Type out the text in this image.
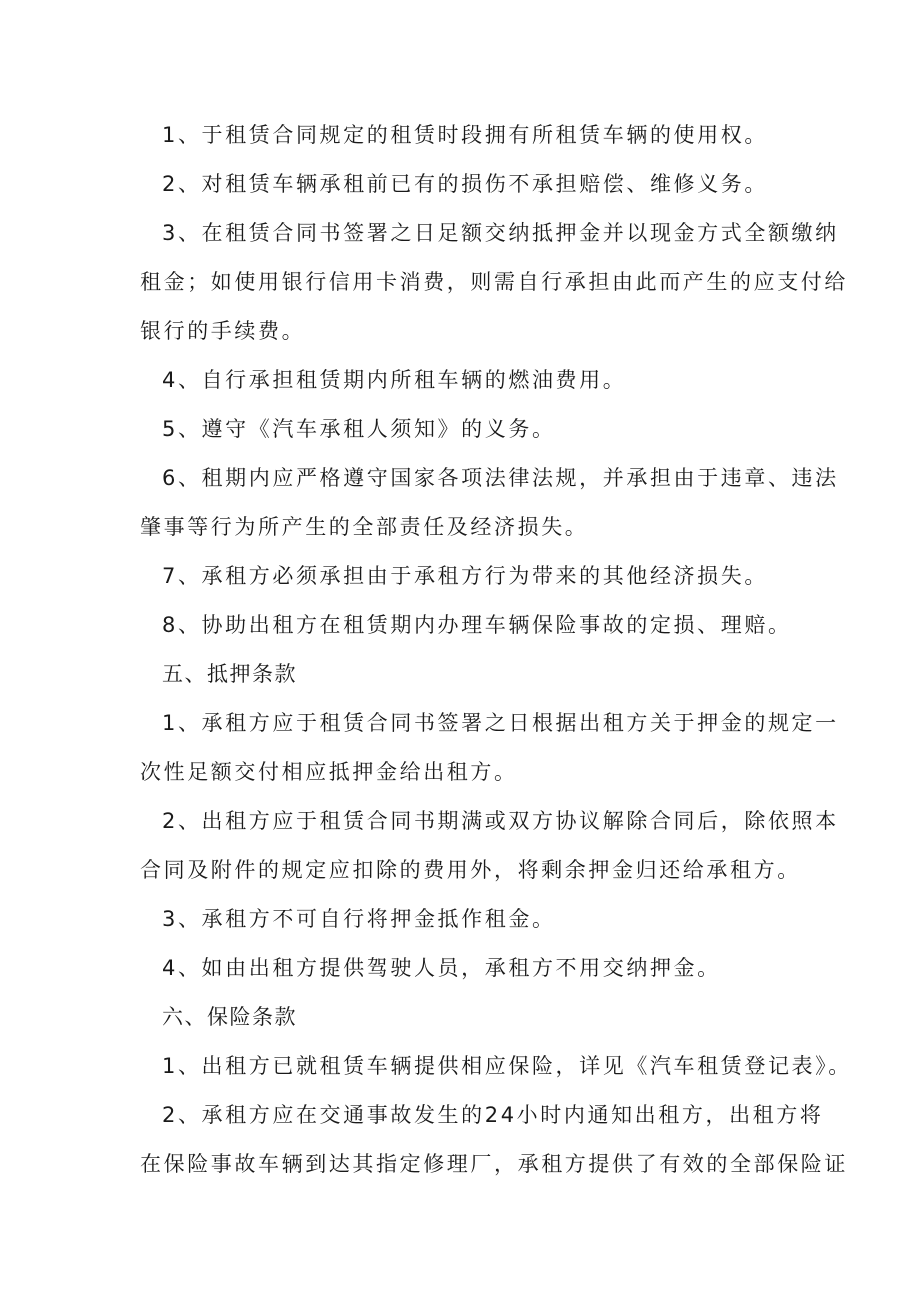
1、于租赁合同规定的租赁时段拥有所租赁车辆的使用权。
2、对租赁车辆承租前已有的损伤不承担赔偿、维修义务。
3、在租赁合同书签署之日足额交纳抵押金并以现金方式全额缴纳
租金；如使用银行信用卡消费，则需自行承担由此而产生的应支付给
银行的手续费。
4、自行承担租赁期内所租车辆的燃油费用。
5、遵守《汽车承租人须知》的义务。
6、租期内应严格遵守国家各项法律法规，并承担由于违章、违法
肇事等行为所产生的全部责任及经济损失。
7、承租方必须承担由于承租方行为带来的其他经济损失。
8、协助出租方在租赁期内办理车辆保险事故的定损、理赔。
五、抵押条款
1、承租方应于租赁合同书签署之日根据出租方关于押金的规定一
次性足额交付相应抵押金给出租方。
2、出租方应于租赁合同书期满或双方协议解除合同后，除依照本
合同及附件的规定应扣除的费用外，将剩余押金归还给承租方。
3、承租方不可自行将押金抵作租金。
4、如由出租方提供驾驶人员，承租方不用交纳押金。
六、保险条款
1、出租方已就租赁车辆提供相应保险，详见《汽车租赁登记表》。
2、承租方应在交通事故发生的24小时内通知出租方，出租方将
在保险事故车辆到达其指定修理厂，承租方提供了有效的全部保险证
